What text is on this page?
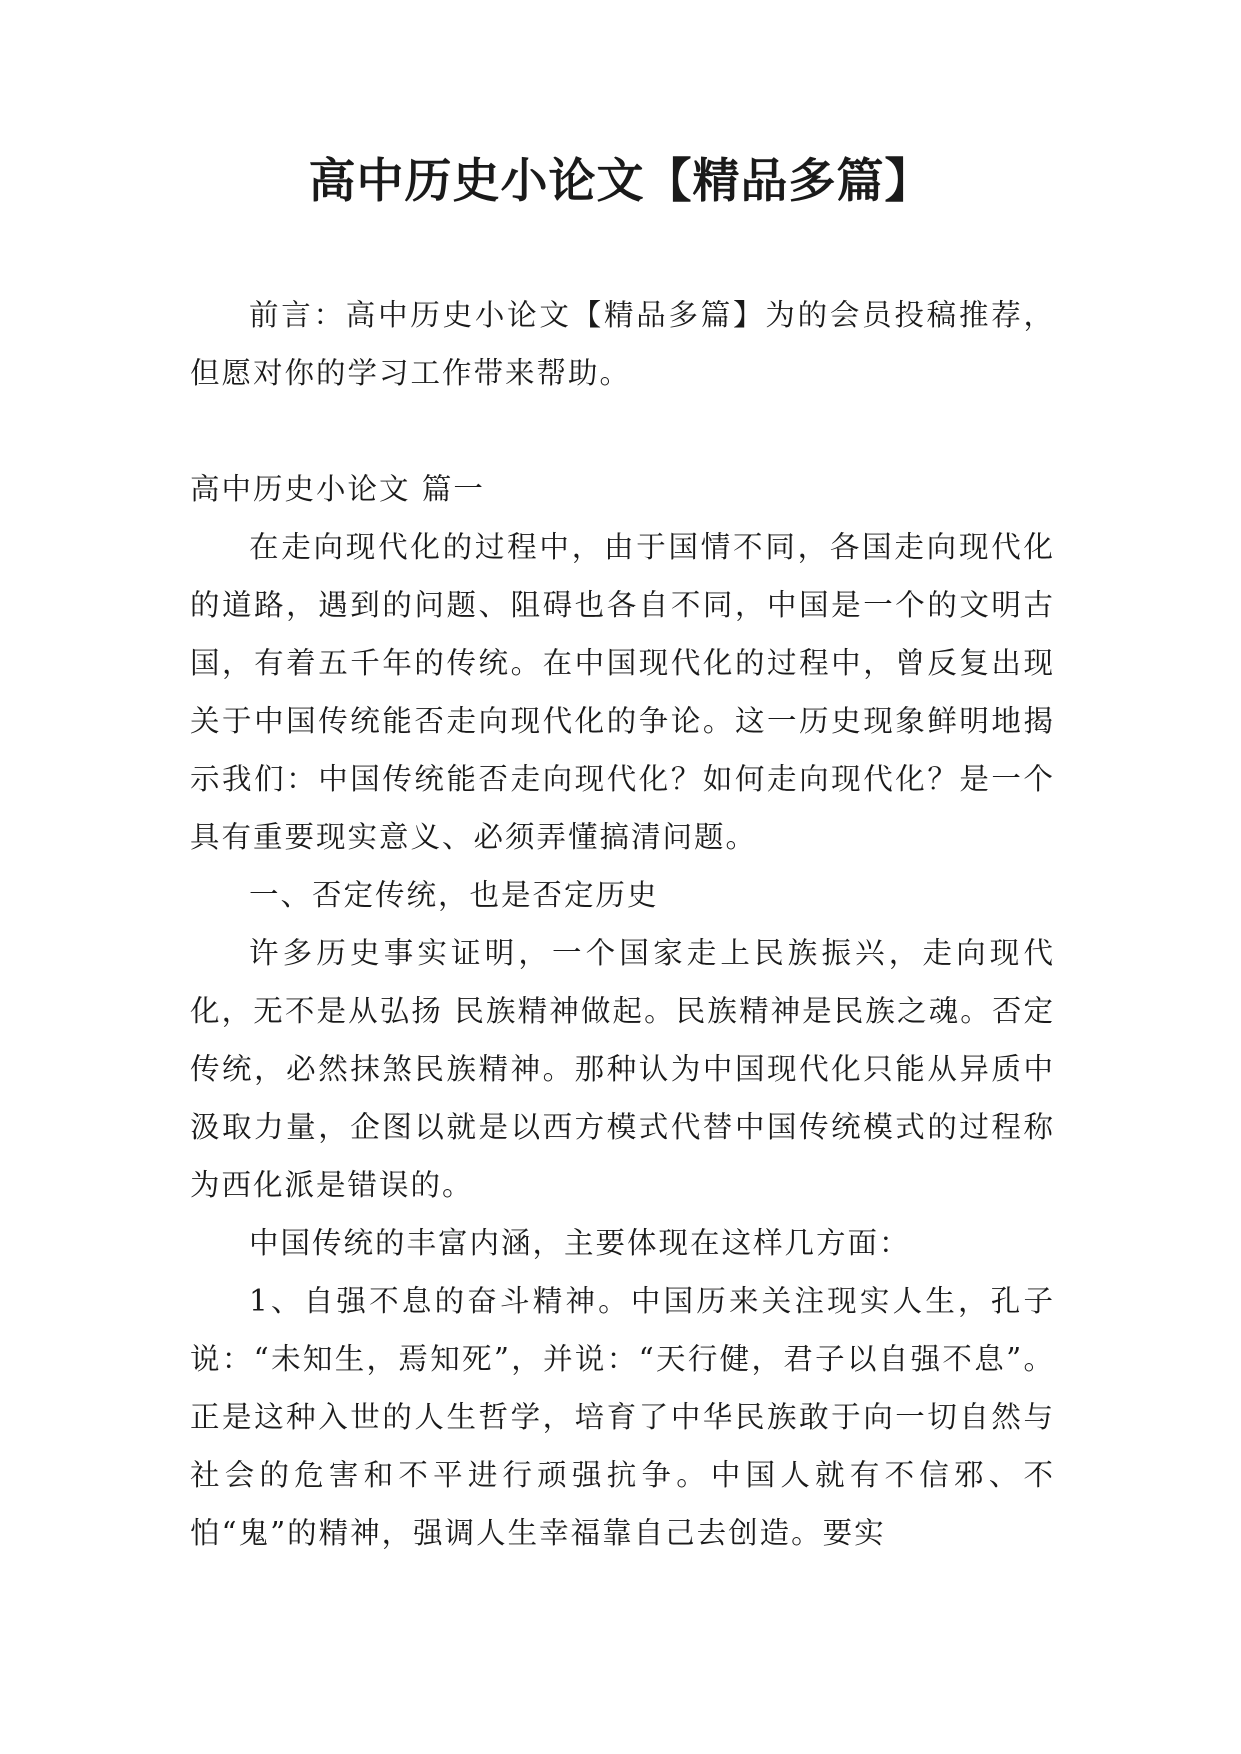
高中历史小论文【精品多篇】

前言：高中历史小论文【精品多篇】为的会员投稿推荐，但愿对你的学习工作带来帮助。

高中历史小论文 篇一

在走向现代化的过程中，由于国情不同，各国走向现代化的道路，遇到的问题、阻碍也各自不同，中国是一个的文明古国，有着五千年的传统。在中国现代化的过程中，曾反复出现关于中国传统能否走向现代化的争论。这一历史现象鲜明地揭示我们：中国传统能否走向现代化？如何走向现代化？是一个具有重要现实意义、必须弄懂搞清问题。

一、否定传统，也是否定历史

许多历史事实证明，一个国家走上民族振兴，走向现代化，无不是从弘扬 民族精神做起。民族精神是民族之魂。否定传统，必然抹煞民族精神。那种认为中国现代化只能从异质中汲取力量，企图以就是以西方模式代替中国传统模式的过程称为西化派是错误的。

中国传统的丰富内涵，主要体现在这样几方面：

1、自强不息的奋斗精神。中国历来关注现实人生，孔子说：“未知生，焉知死”，并说：“天行健，君子以自强不息”。正是这种入世的人生哲学，培育了中华民族敢于向一切自然与社会的危害和不平进行顽强抗争。中国人就有不信邪、不怕“鬼”的精神，强调人生幸福靠自己去创造。要实
